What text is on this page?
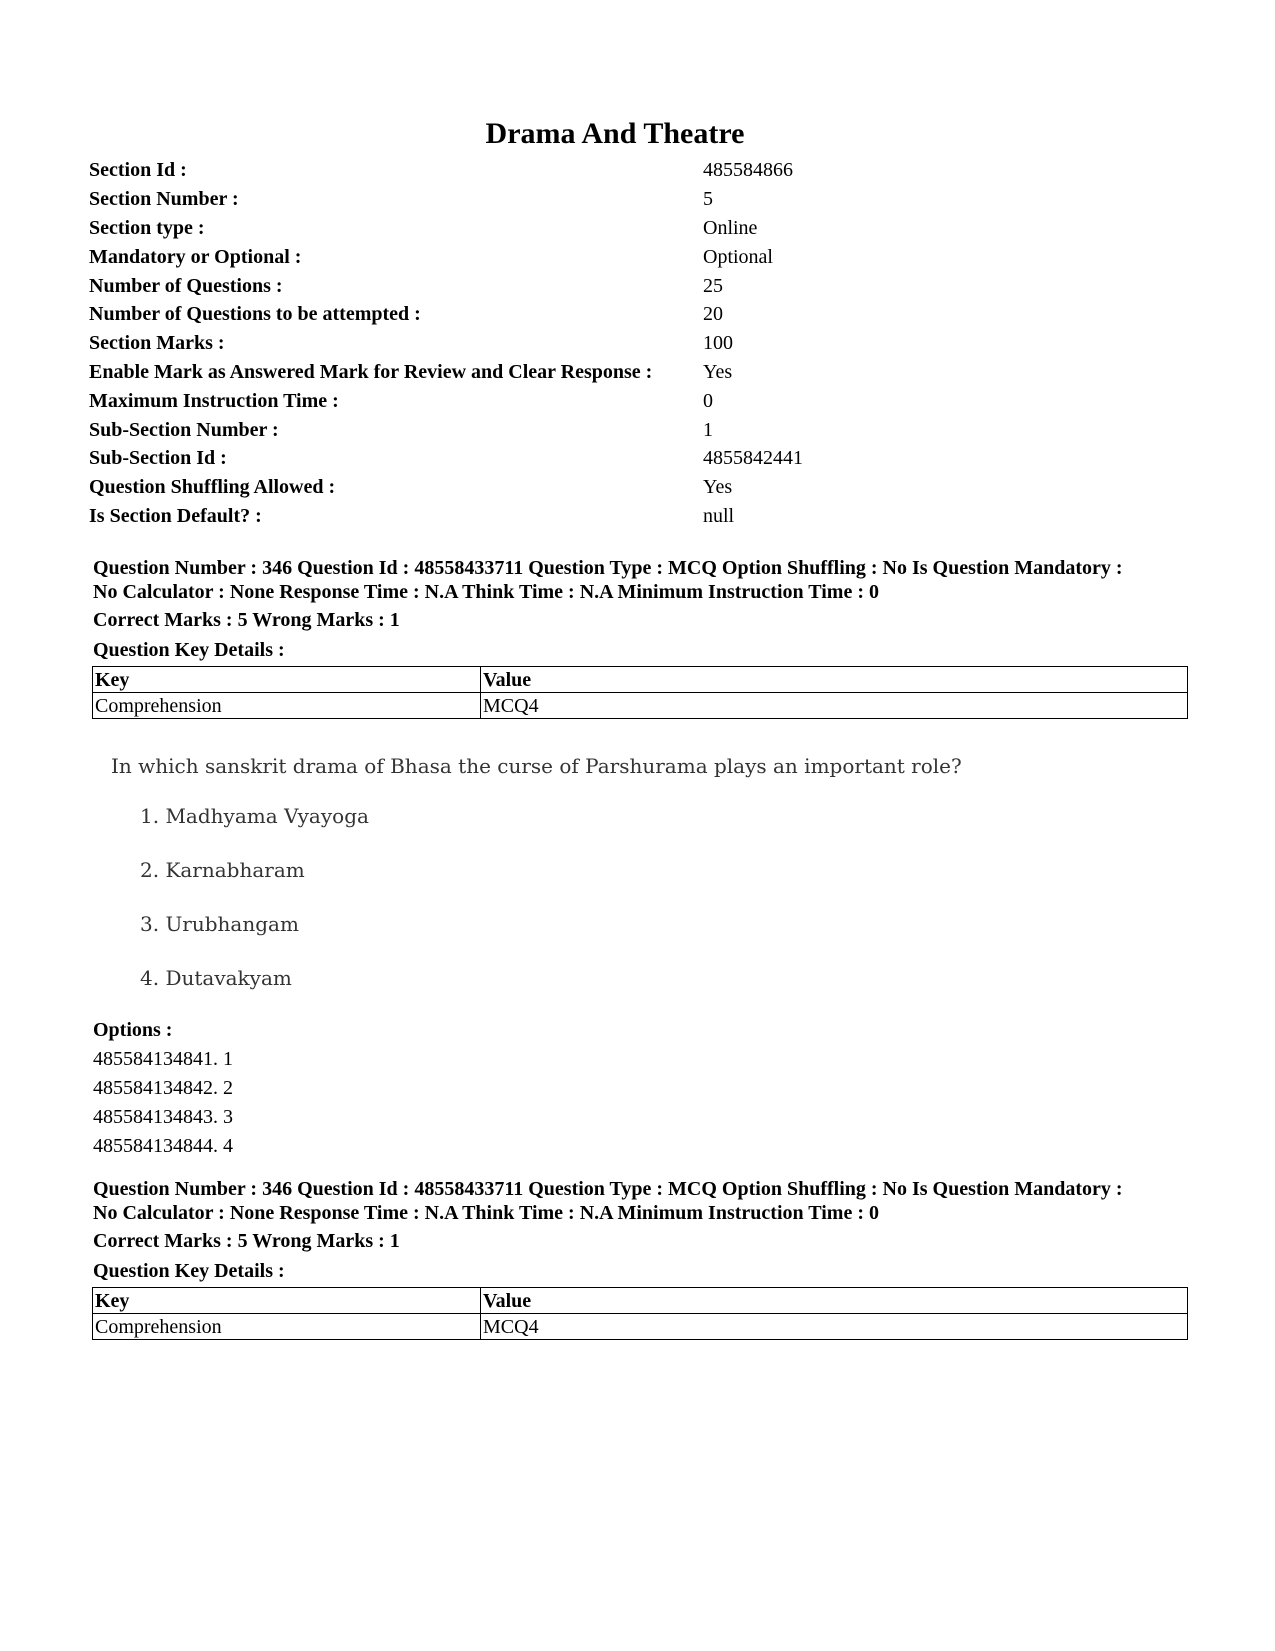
Drama And Theatre
Section Id :	485584866
Section Number :	5
Section type :	Online
Mandatory or Optional :	Optional
Number of Questions :	25
Number of Questions to be attempted :	20
Section Marks :	100
Enable Mark as Answered Mark for Review and Clear Response :	Yes
Maximum Instruction Time :	0
Sub-Section Number :	1
Sub-Section Id :	4855842441
Question Shuffling Allowed :	Yes
Is Section Default? :	null
Question Number : 346 Question Id : 48558433711 Question Type : MCQ Option Shuffling : No Is Question Mandatory :
No Calculator : None Response Time : N.A Think Time : N.A Minimum Instruction Time : 0
Correct Marks : 5 Wrong Marks : 1
Question Key Details :
Key	Value
Comprehension	MCQ4
In which sanskrit drama of Bhasa the curse of Parshurama plays an important role?
1. Madhyama Vyayoga
2. Karnabharam
3. Urubhangam
4. Dutavakyam
Options :
485584134841. 1
485584134842. 2
485584134843. 3
485584134844. 4
Question Number : 346 Question Id : 48558433711 Question Type : MCQ Option Shuffling : No Is Question Mandatory :
No Calculator : None Response Time : N.A Think Time : N.A Minimum Instruction Time : 0
Correct Marks : 5 Wrong Marks : 1
Question Key Details :
Key	Value
Comprehension	MCQ4
